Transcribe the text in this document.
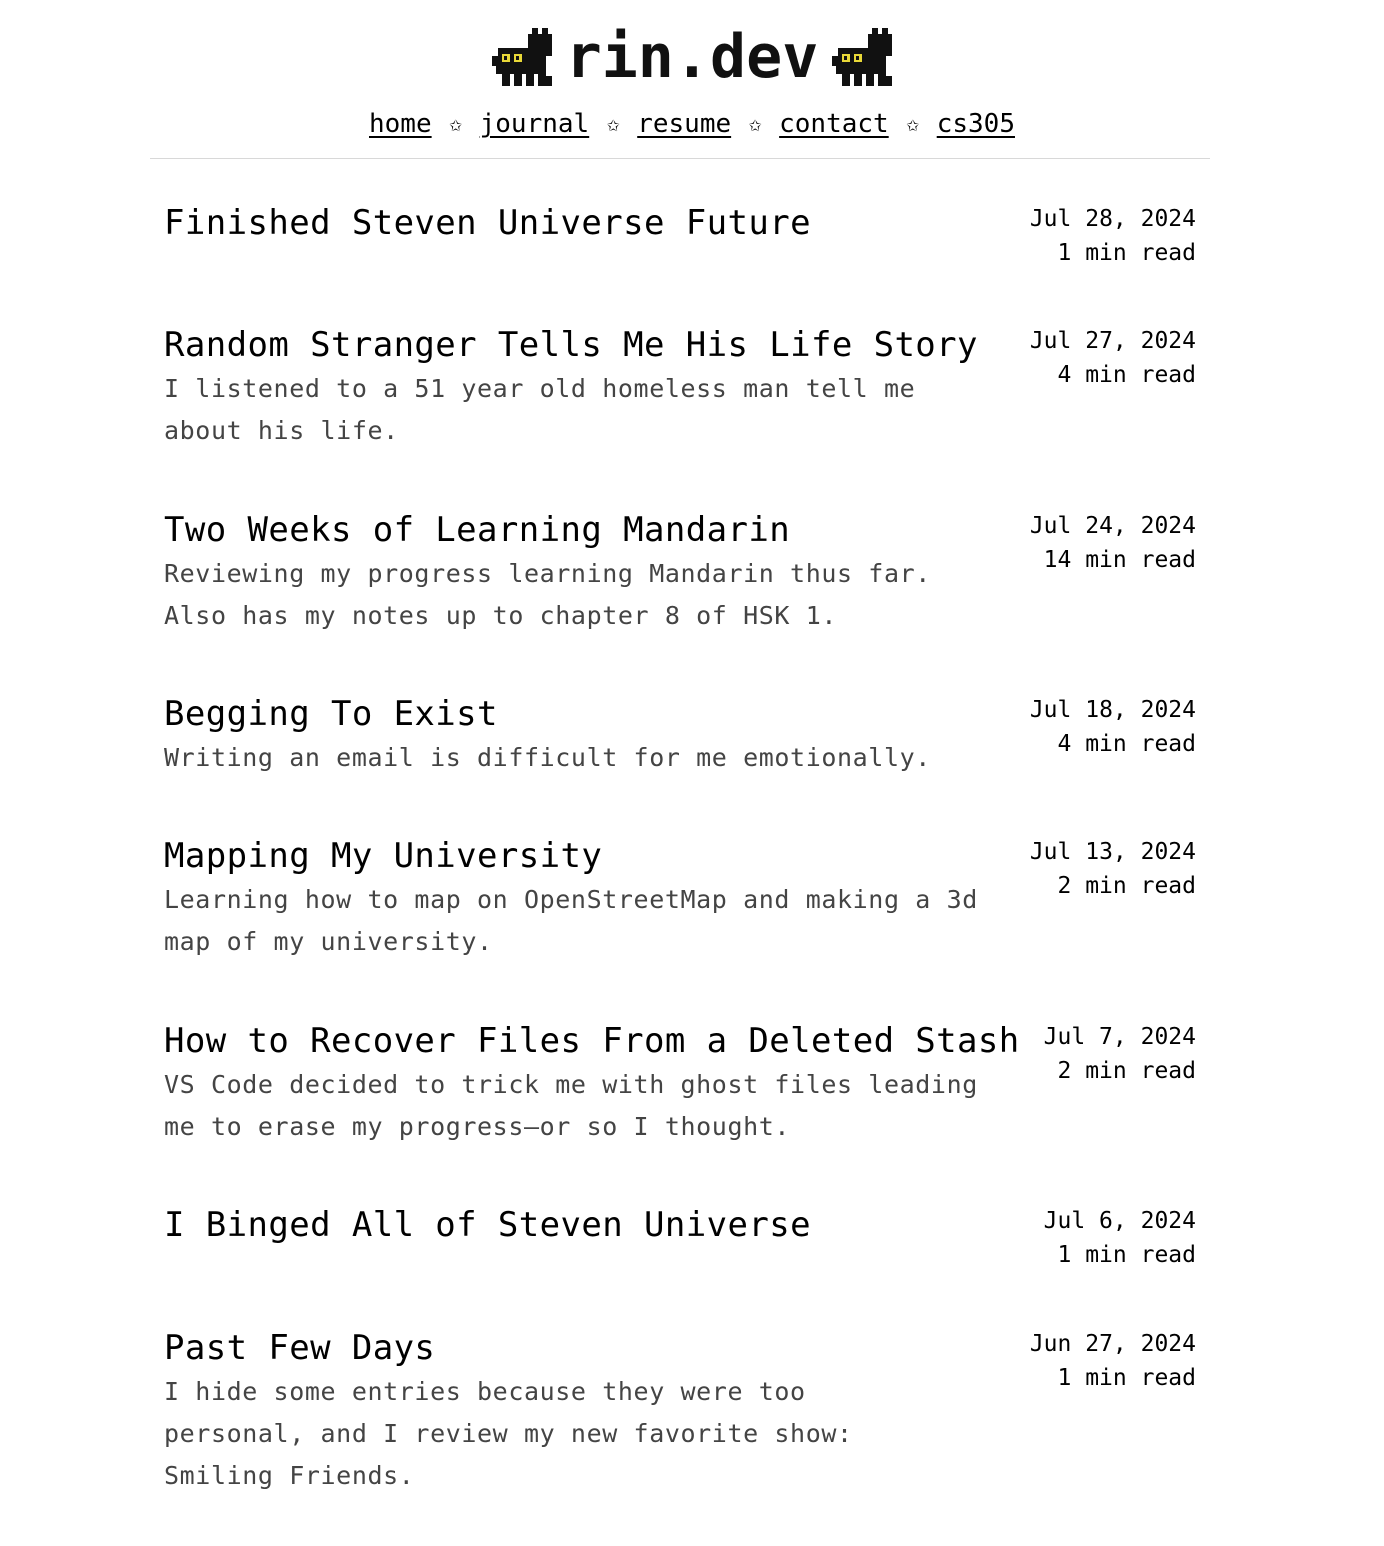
rin.dev
home ✩ journal ✩ resume ✩ contact ✩ cs305
Finished Steven Universe Future	Jul 28, 2024
1 min read
Random Stranger Tells Me His Life Story
I listened to a 51 year old homeless man tell me about his life.
Jul 27, 2024
4 min read
Two Weeks of Learning Mandarin
Reviewing my progress learning Mandarin thus far. Also has my notes up to chapter 8 of HSK 1.
Jul 24, 2024
14 min read
Begging To Exist
Writing an email is difficult for me emotionally.
Jul 18, 2024
4 min read
Mapping My University
Learning how to map on OpenStreetMap and making a 3d map of my university.
Jul 13, 2024
2 min read
How to Recover Files From a Deleted Stash
VS Code decided to trick me with ghost files leading me to erase my progress—or so I thought.
Jul 7, 2024
2 min read
I Binged All of Steven Universe	Jul 6, 2024
1 min read
Past Few Days
I hide some entries because they were too personal, and I review my new favorite show: Smiling Friends.
Jun 27, 2024
1 min read
